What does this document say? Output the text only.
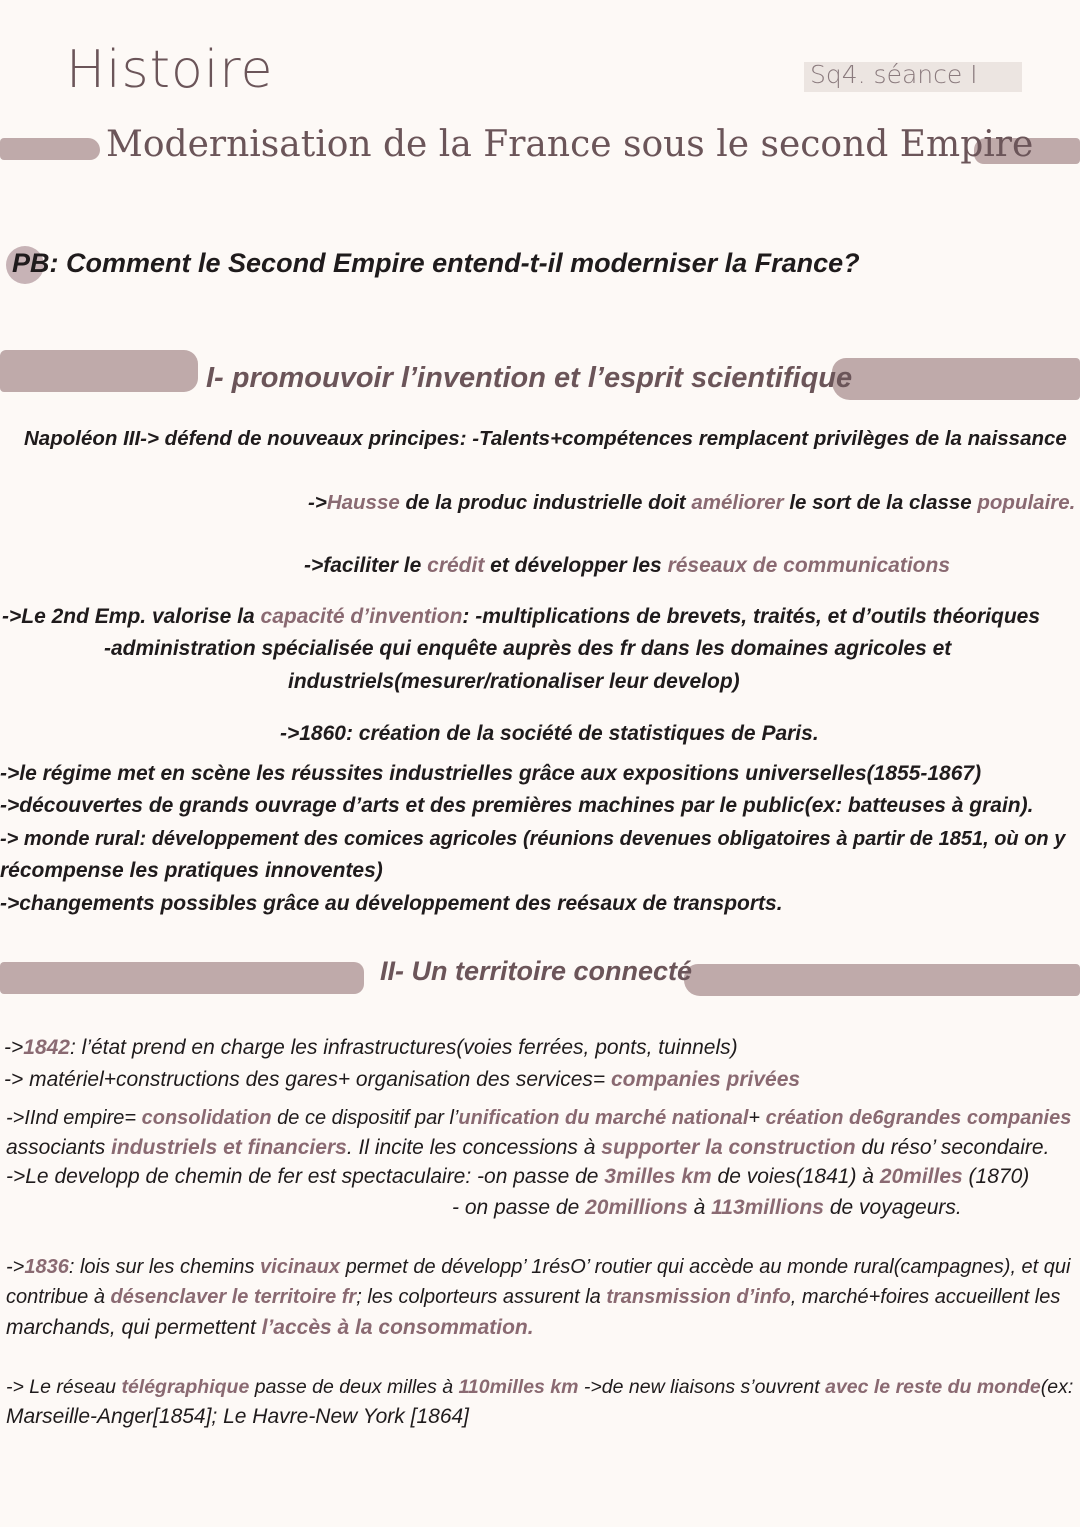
Histoire	Sq4. séance I
Modernisation de la France sous le second Empire
PB: Comment le Second Empire entend-t-il moderniser la France?
I- promouvoir l’invention et l’esprit scientifique
Napoléon III-> défend de nouveaux principes: -Talents+compétences remplacent privilèges de la naissance
->Hausse de la produc industrielle doit améliorer le sort de la classe populaire.
->faciliter le crédit et développer les réseaux de communications
->Le 2nd Emp. valorise la capacité d’invention: -multiplications de brevets, traités, et d’outils théoriques
-administration spécialisée qui enquête auprès des fr dans les domaines agricoles et
industriels(mesurer/rationaliser leur develop)
->1860: création de la société de statistiques de Paris.
->le régime met en scène les réussites industrielles grâce aux expositions universelles(1855-1867)
->découvertes de grands ouvrage d’arts et des premières machines par le public(ex: batteuses à grain).
-> monde rural: développement des comices agricoles (réunions devenues obligatoires à partir de 1851, où on y
récompense les pratiques innoventes)
->changements possibles grâce au développement des reésaux de transports.
II- Un territoire connecté
->1842: l’état prend en charge les infrastructures(voies ferrées, ponts, tuinnels)
-> matériel+constructions des gares+ organisation des services= companies privées
->IInd empire= consolidation de ce dispositif par l’unification du marché national+ création de6grandes companies
associants industriels et financiers. Il incite les concessions à supporter la construction du réso’ secondaire.
->Le developp de chemin de fer est spectaculaire: -on passe de 3milles km de voies(1841) à 20milles (1870)
- on passe de 20millions à 113millions de voyageurs.
->1836: lois sur les chemins vicinaux permet de développ’ 1résO’ routier qui accède au monde rural(campagnes), et qui
contribue à désenclaver le territoire fr; les colporteurs assurent la transmission d’info, marché+foires accueillent les
marchands, qui permettent l’accès à la consommation.
-> Le réseau télégraphique passe de deux milles à 110milles km ->de new liaisons s’ouvrent avec le reste du monde(ex:
Marseille-Anger[1854]; Le Havre-New York [1864]
